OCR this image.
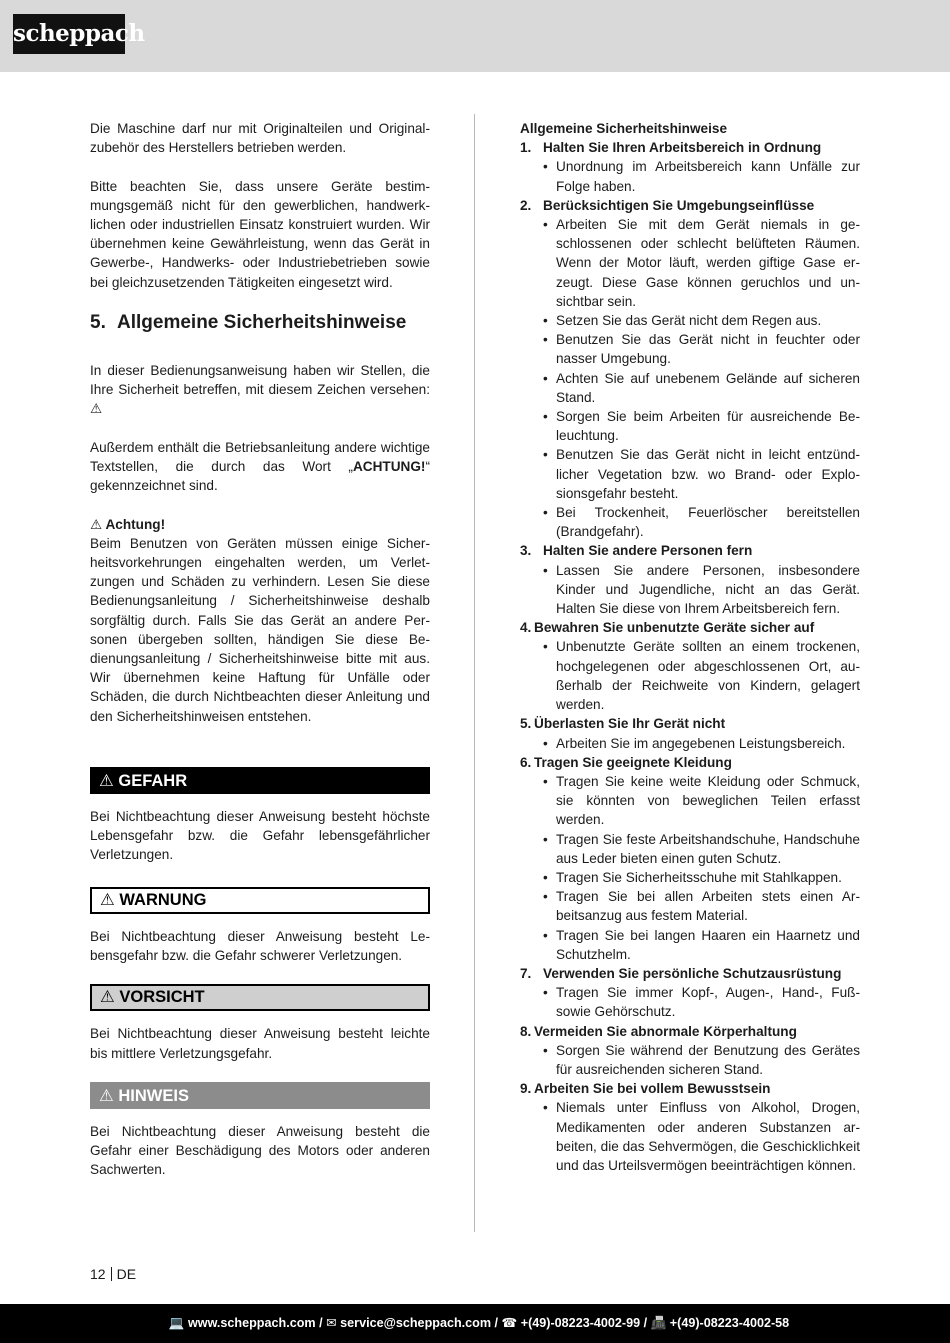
scheppach

Die Maschine darf nur mit Originalteilen und Originalzubehör des Herstellers betrieben werden.

Bitte beachten Sie, dass unsere Geräte bestimmungsgemäß nicht für den gewerblichen, handwerklichen oder industriellen Einsatz konstruiert wurden. Wir übernehmen keine Gewährleistung, wenn das Gerät in Gewerbe-, Handwerks- oder Industriebetrieben sowie bei gleichzusetzenden Tätigkeiten eingesetzt wird.

5. Allgemeine Sicherheitshinweise

In dieser Bedienungsanweisung haben wir Stellen, die Ihre Sicherheit betreffen, mit diesem Zeichen versehen: ⚠

Außerdem enthält die Betriebsanleitung andere wichtige Textstellen, die durch das Wort „ACHTUNG!“ gekennzeichnet sind.

⚠ Achtung!

Beim Benutzen von Geräten müssen einige Sicherheitsvorkehrungen eingehalten werden, um Verletzungen und Schäden zu verhindern. Lesen Sie diese Bedienungsanleitung / Sicherheitshinweise deshalb sorgfältig durch. Falls Sie das Gerät an andere Personen übergeben sollten, händigen Sie diese Bedienungsanleitung / Sicherheitshinweise bitte mit aus. Wir übernehmen keine Haftung für Unfälle oder Schäden, die durch Nichtbeachten dieser Anleitung und den Sicherheitshinweisen entstehen.

⚠ GEFAHR

Bei Nichtbeachtung dieser Anweisung besteht höchste Lebensgefahr bzw. die Gefahr lebensgefährlicher Verletzungen.

⚠ WARNUNG

Bei Nichtbeachtung dieser Anweisung besteht Lebensgefahr bzw. die Gefahr schwerer Verletzungen.

⚠ VORSICHT

Bei Nichtbeachtung dieser Anweisung besteht leichte bis mittlere Verletzungsgefahr.

⚠ HINWEIS

Bei Nichtbeachtung dieser Anweisung besteht die Gefahr einer Beschädigung des Motors oder anderen Sachwerten.

Allgemeine Sicherheitshinweise
1. Halten Sie Ihren Arbeitsbereich in Ordnung
• Unordnung im Arbeitsbereich kann Unfälle zur Folge haben.
2. Berücksichtigen Sie Umgebungseinflüsse
• Arbeiten Sie mit dem Gerät niemals in geschlossenen oder schlecht belüfteten Räumen. Wenn der Motor läuft, werden giftige Gase erzeugt. Diese Gase können geruchlos und unsichtbar sein.
• Setzen Sie das Gerät nicht dem Regen aus.
• Benutzen Sie das Gerät nicht in feuchter oder nasser Umgebung.
• Achten Sie auf unebenem Gelände auf sicheren Stand.
• Sorgen Sie beim Arbeiten für ausreichende Beleuchtung.
• Benutzen Sie das Gerät nicht in leicht entzündlicher Vegetation bzw. wo Brand- oder Explosionsgefahr besteht.
• Bei Trockenheit, Feuerlöscher bereitstellen (Brandgefahr).
3. Halten Sie andere Personen fern
• Lassen Sie andere Personen, insbesondere Kinder und Jugendliche, nicht an das Gerät. Halten Sie diese von Ihrem Arbeitsbereich fern.
4. Bewahren Sie unbenutzte Geräte sicher auf
• Unbenutzte Geräte sollten an einem trockenen, hochgelegenen oder abgeschlossenen Ort, außerhalb der Reichweite von Kindern, gelagert werden.
5. Überlasten Sie Ihr Gerät nicht
• Arbeiten Sie im angegebenen Leistungsbereich.
6. Tragen Sie geeignete Kleidung
• Tragen Sie keine weite Kleidung oder Schmuck, sie könnten von beweglichen Teilen erfasst werden.
• Tragen Sie feste Arbeitshandschuhe, Handschuhe aus Leder bieten einen guten Schutz.
• Tragen Sie Sicherheitsschuhe mit Stahlkappen.
• Tragen Sie bei allen Arbeiten stets einen Arbeitsanzug aus festem Material.
• Tragen Sie bei langen Haaren ein Haarnetz und Schutzhelm.
7. Verwenden Sie persönliche Schutzausrüstung
• Tragen Sie immer Kopf-, Augen-, Hand-, Fußsowie Gehörschutz.
8. Vermeiden Sie abnormale Körperhaltung
• Sorgen Sie während der Benutzung des Gerätes für ausreichenden sicheren Stand.
9. Arbeiten Sie bei vollem Bewusstsein
• Niemals unter Einfluss von Alkohol, Drogen, Medikamenten oder anderen Substanzen arbeiten, die das Sehvermögen, die Geschicklichkeit und das Urteilsvermögen beeinträchtigen können.
12 DE
💻 www.scheppach.com / ✉ service@scheppach.com / ☎ +(49)-08223-4002-99 / 📠 +(49)-08223-4002-58
